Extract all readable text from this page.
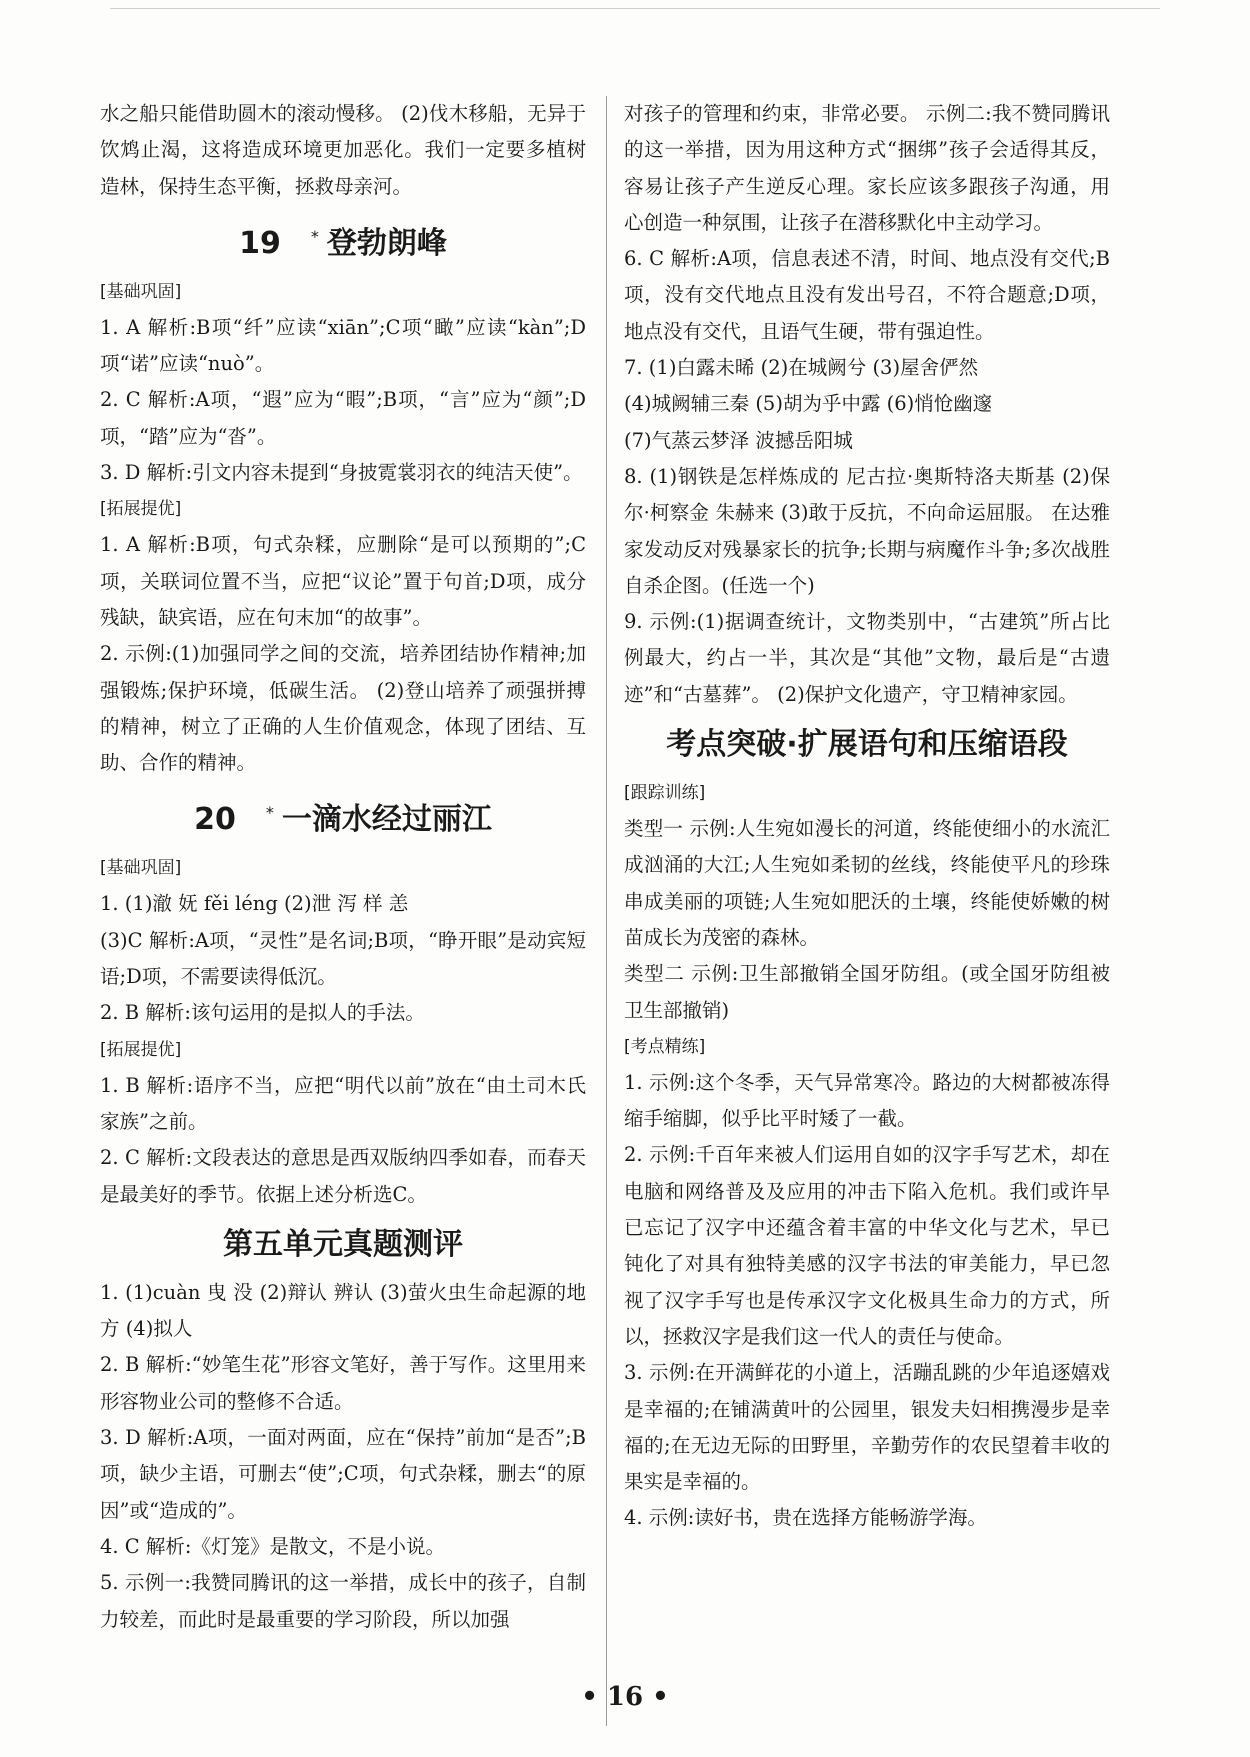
水之船只能借助圆木的滚动慢移。 (2)伐木移船，无异于饮鸩止渴，这将造成环境更加恶化。我们一定要多植树造林，保持生态平衡，拯救母亲河。

19 * 登勃朗峰
[基础巩固]

1. A 解析:B项“纤”应读“xiān”;C项“瞰”应读“kàn”;D项“诺”应读“nuò”。

2. C 解析:A项，“遐”应为“暇”;B项，“言”应为“颜”;D项，“踏”应为“沓”。

3. D 解析:引文内容未提到“身披霓裳羽衣的纯洁天使”。

[拓展提优]

1. A 解析:B项，句式杂糅，应删除“是可以预期的”;C项，关联词位置不当，应把“议论”置于句首;D项，成分残缺，缺宾语，应在句末加“的故事”。

2. 示例:(1)加强同学之间的交流，培养团结协作精神;加强锻炼;保护环境，低碳生活。 (2)登山培养了顽强拼搏的精神，树立了正确的人生价值观念，体现了团结、互助、合作的精神。

20 * 一滴水经过丽江
[基础巩固]

1. (1)澈 妩 fěi léng (2)泄 泻 样 恙

(3)C 解析:A项，“灵性”是名词;B项，“睁开眼”是动宾短语;D项，不需要读得低沉。

2. B 解析:该句运用的是拟人的手法。

[拓展提优]

1. B 解析:语序不当，应把“明代以前”放在“由土司木氏家族”之前。

2. C 解析:文段表达的意思是西双版纳四季如春，而春天是最美好的季节。依据上述分析选C。

第五单元真题测评

1. (1)cuàn 曳 没 (2)辩认 辨认 (3)萤火虫生命起源的地方 (4)拟人

2. B 解析:“妙笔生花”形容文笔好，善于写作。这里用来形容物业公司的整修不合适。

3. D 解析:A项，一面对两面，应在“保持”前加“是否”;B项，缺少主语，可删去“使”;C项，句式杂糅，删去“的原因”或“造成的”。

4. C 解析:《灯笼》是散文，不是小说。

5. 示例一:我赞同腾讯的这一举措，成长中的孩子，自制力较差，而此时是最重要的学习阶段，所以加强

对孩子的管理和约束，非常必要。 示例二:我不赞同腾讯的这一举措，因为用这种方式“捆绑”孩子会适得其反，容易让孩子产生逆反心理。家长应该多跟孩子沟通，用心创造一种氛围，让孩子在潜移默化中主动学习。

6. C 解析:A项，信息表述不清，时间、地点没有交代;B项，没有交代地点且没有发出号召，不符合题意;D项，地点没有交代，且语气生硬，带有强迫性。

7. (1)白露未晞 (2)在城阙兮 (3)屋舍俨然

(4)城阙辅三秦 (5)胡为乎中露 (6)悄怆幽邃

(7)气蒸云梦泽 波撼岳阳城

8. (1)钢铁是怎样炼成的 尼古拉·奥斯特洛夫斯基 (2)保尔·柯察金 朱赫来 (3)敢于反抗，不向命运屈服。 在达雅家发动反对残暴家长的抗争;长期与病魔作斗争;多次战胜自杀企图。(任选一个)

9. 示例:(1)据调查统计，文物类别中，“古建筑”所占比例最大，约占一半，其次是“其他”文物，最后是“古遗迹”和“古墓葬”。 (2)保护文化遗产，守卫精神家园。

考点突破·扩展语句和压缩语段
[跟踪训练]

类型一 示例:人生宛如漫长的河道，终能使细小的水流汇成汹涌的大江;人生宛如柔韧的丝线，终能使平凡的珍珠串成美丽的项链;人生宛如肥沃的土壤，终能使娇嫩的树苗成长为茂密的森林。

类型二 示例:卫生部撤销全国牙防组。(或全国牙防组被卫生部撤销)

[考点精练]

1. 示例:这个冬季，天气异常寒冷。路边的大树都被冻得缩手缩脚，似乎比平时矮了一截。

2. 示例:千百年来被人们运用自如的汉字手写艺术，却在电脑和网络普及及应用的冲击下陷入危机。我们或许早已忘记了汉字中还蕴含着丰富的中华文化与艺术，早已钝化了对具有独特美感的汉字书法的审美能力，早已忽视了汉字手写也是传承汉字文化极具生命力的方式，所以，拯救汉字是我们这一代人的责任与使命。

3. 示例:在开满鲜花的小道上，活蹦乱跳的少年追逐嬉戏是幸福的;在铺满黄叶的公园里，银发夫妇相携漫步是幸福的;在无边无际的田野里，辛勤劳作的农民望着丰收的果实是幸福的。

4. 示例:读好书，贵在选择方能畅游学海。

• 16 •
